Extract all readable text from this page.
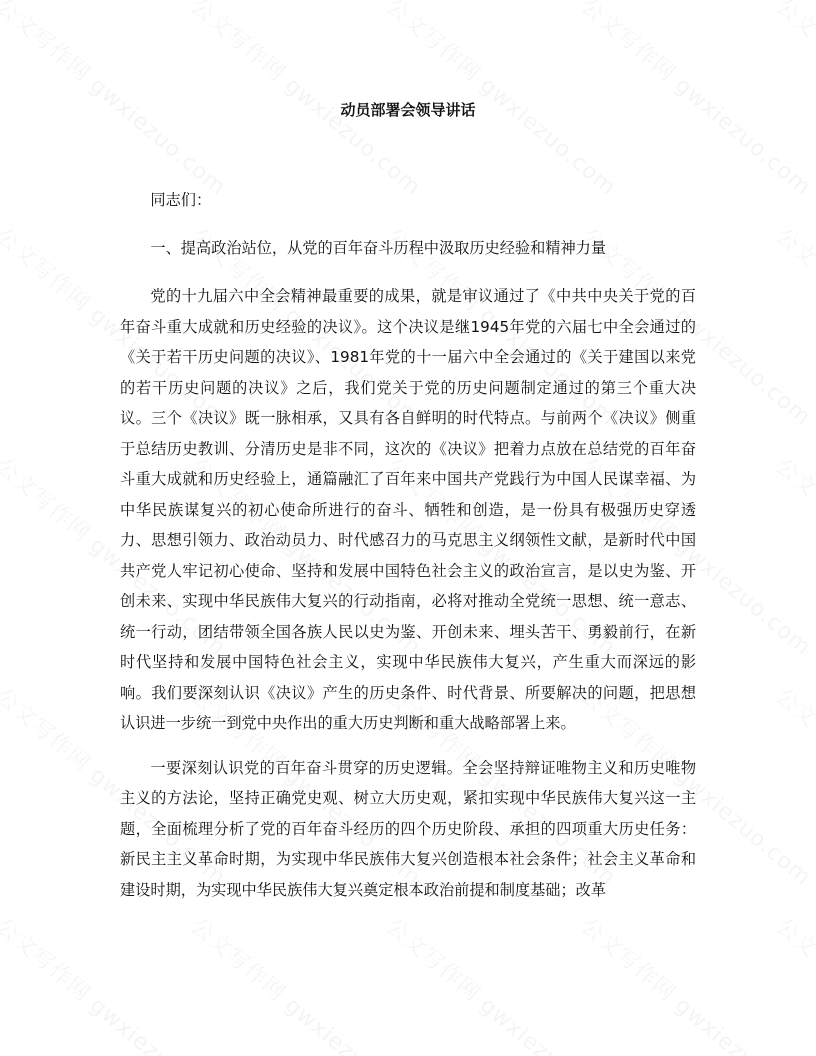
动员部署会领导讲话

同志们：

一、提高政治站位，从党的百年奋斗历程中汲取历史经验和精神力量

党的十九届六中全会精神最重要的成果，就是审议通过了《中共中央关于党的百年奋斗重大成就和历史经验的决议》。这个决议是继1945年党的六届七中全会通过的《关于若干历史问题的决议》、1981年党的十一届六中全会通过的《关于建国以来党的若干历史问题的决议》之后，我们党关于党的历史问题制定通过的第三个重大决议。三个《决议》既一脉相承，又具有各自鲜明的时代特点。与前两个《决议》侧重于总结历史教训、分清历史是非不同，这次的《决议》把着力点放在总结党的百年奋斗重大成就和历史经验上，通篇融汇了百年来中国共产党践行为中国人民谋幸福、为中华民族谋复兴的初心使命所进行的奋斗、牺牲和创造，是一份具有极强历史穿透力、思想引领力、政治动员力、时代感召力的马克思主义纲领性文献，是新时代中国共产党人牢记初心使命、坚持和发展中国特色社会主义的政治宣言，是以史为鉴、开创未来、实现中华民族伟大复兴的行动指南，必将对推动全党统一思想、统一意志、统一行动，团结带领全国各族人民以史为鉴、开创未来、埋头苦干、勇毅前行，在新时代坚持和发展中国特色社会主义，实现中华民族伟大复兴，产生重大而深远的影响。我们要深刻认识《决议》产生的历史条件、时代背景、所要解决的问题，把思想认识进一步统一到党中央作出的重大历史判断和重大战略部署上来。

一要深刻认识党的百年奋斗贯穿的历史逻辑。全会坚持辩证唯物主义和历史唯物主义的方法论，坚持正确党史观、树立大历史观，紧扣实现中华民族伟大复兴这一主题，全面梳理分析了党的百年奋斗经历的四个历史阶段、承担的四项重大历史任务：新民主主义革命时期，为实现中华民族伟大复兴创造根本社会条件；社会主义革命和建设时期，为实现中华民族伟大复兴奠定根本政治前提和制度基础；改革
